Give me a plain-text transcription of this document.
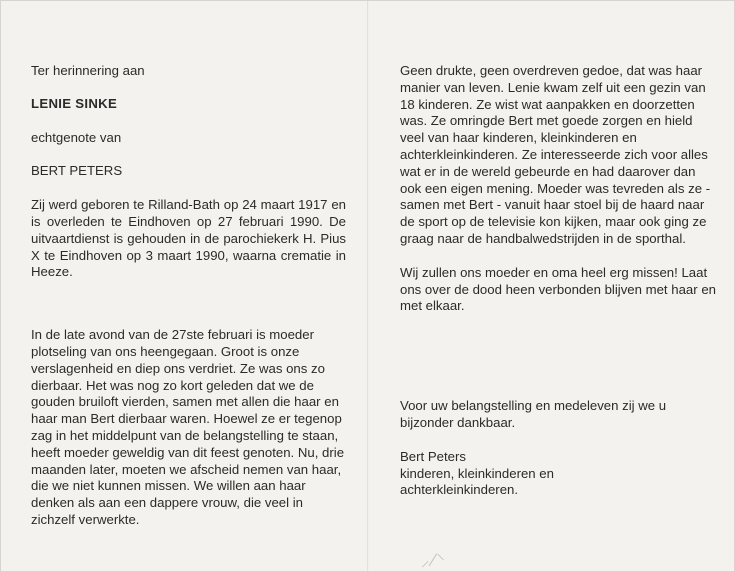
Ter herinnering aan

LENIE SINKE

echtgenote van

BERT PETERS

Zij werd geboren te Rilland-Bath op 24 maart 1917 en is overleden te Eindhoven op 27 februari 1990. De uitvaartdienst is gehouden in de parochiekerk H. Pius X te Eindhoven op 3 maart 1990, waarna crematie in Heeze.

In de late avond van de 27ste februari is moeder plotseling van ons heengegaan. Groot is onze verslagenheid en diep ons verdriet. Ze was ons zo dierbaar. Het was nog zo kort geleden dat we de gouden bruiloft vierden, samen met allen die haar en haar man Bert dierbaar waren. Hoewel ze er tegenop zag in het middelpunt van de belangstelling te staan, heeft moeder geweldig van dit feest genoten. Nu, drie maanden later, moeten we afscheid nemen van haar, die we niet kunnen missen. We willen aan haar denken als aan een dappere vrouw, die veel in zichzelf verwerkte.

Geen drukte, geen overdreven gedoe, dat was haar manier van leven. Lenie kwam zelf uit een gezin van 18 kinderen. Ze wist wat aanpakken en doorzetten was. Ze omringde Bert met goede zorgen en hield veel van haar kinderen, kleinkinderen en achterkleinkinderen. Ze interesseerde zich voor alles wat er in de wereld gebeurde en had daarover dan ook een eigen mening. Moeder was tevreden als ze - samen met Bert - vanuit haar stoel bij de haard naar de sport op de televisie kon kijken, maar ook ging ze graag naar de handbalwedstrijden in de sporthal.

Wij zullen ons moeder en oma heel erg missen! Laat ons over de dood heen verbonden blijven met haar en met elkaar.

Voor uw belangstelling en medeleven zij we u bijzonder dankbaar.

Bert Peters

kinderen, kleinkinderen en

achterkleinkinderen.

⸝⁄⸌
